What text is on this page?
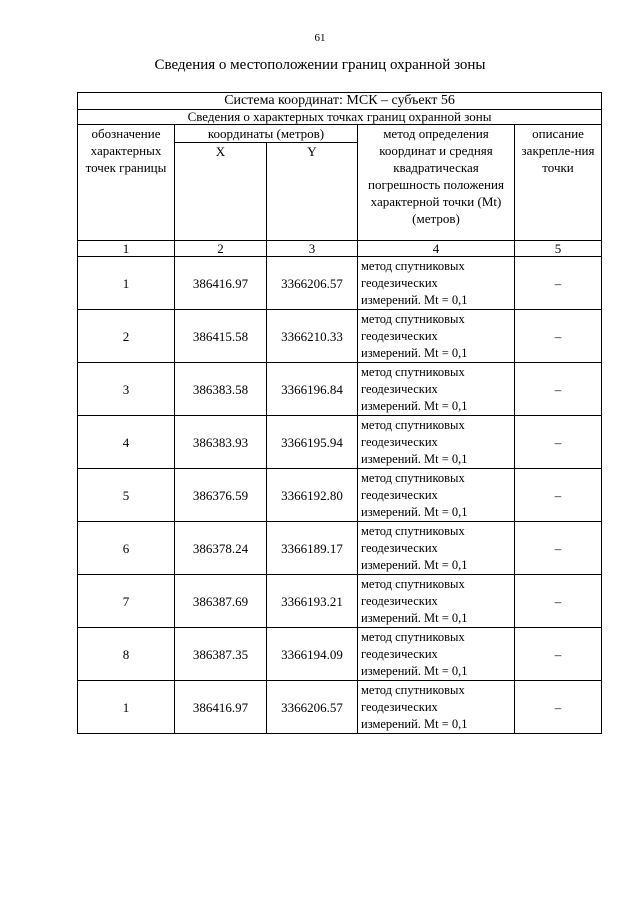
61
Сведения о местоположении границ охранной зоны
Система координат: МСК – субъект 56				
Сведения о характерных точках границ охранной зоны				
обозначение характерных точек границы	координаты (метров)		метод определения координат и средняя квадратическая погрешность положения характерной точки (Mt) (метров)	описание закрепле-ния точки
	X	Y		
1	2	3	4	5
1	386416.97	3366206.57	метод спутниковых
геодезических
измерений. Mt = 0,1	–
2	386415.58	3366210.33	метод спутниковых
геодезических
измерений. Mt = 0,1	–
3	386383.58	3366196.84	метод спутниковых
геодезических
измерений. Mt = 0,1	–
4	386383.93	3366195.94	метод спутниковых
геодезических
измерений. Mt = 0,1	–
5	386376.59	3366192.80	метод спутниковых
геодезических
измерений. Mt = 0,1	–
6	386378.24	3366189.17	метод спутниковых
геодезических
измерений. Mt = 0,1	–
7	386387.69	3366193.21	метод спутниковых
геодезических
измерений. Mt = 0,1	–
8	386387.35	3366194.09	метод спутниковых
геодезических
измерений. Mt = 0,1	–
1	386416.97	3366206.57	метод спутниковых
геодезических
измерений. Mt = 0,1	–
